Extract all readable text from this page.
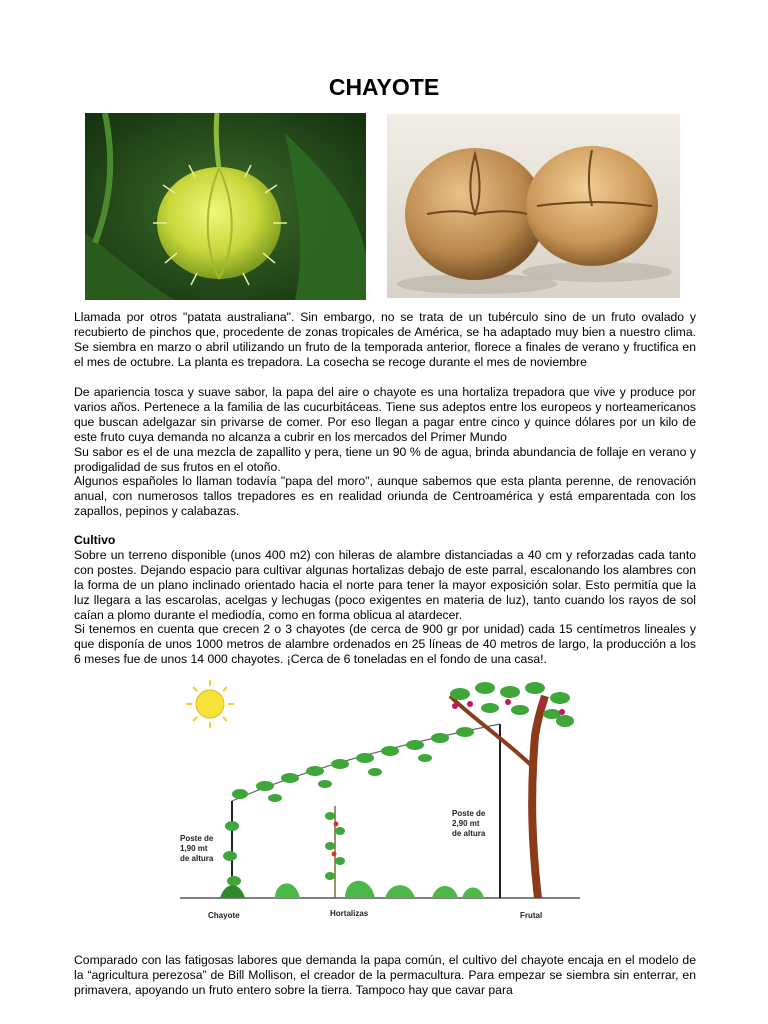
CHAYOTE

Llamada por otros "patata australiana". Sin embargo, no se trata de un tubérculo sino de un fruto ovalado y recubierto de pinchos que, procedente de zonas tropicales de América, se ha adaptado muy bien a nuestro clima. Se siembra en marzo o abril utilizando un fruto de la temporada anterior, florece a finales de verano y fructifica en el mes de octubre. La planta es trepadora. La cosecha se recoge durante el mes de noviembre

De apariencia tosca y suave sabor, la papa del aire o chayote es una hortaliza trepadora que vive y produce por varios años. Pertenece a la familia de las cucurbitáceas. Tiene sus adeptos entre los europeos y norteamericanos que buscan adelgazar sin privarse de comer. Por eso llegan a pagar entre cinco y quince dólares por un kilo de este fruto cuya demanda no alcanza a cubrir en los mercados del Primer Mundo

Su sabor es el de una mezcla de zapallito y pera, tiene un 90 % de agua, brinda abundancia de follaje en verano y prodigalidad de sus frutos en el otoño.

Algunos españoles lo llaman todavía "papa del moro", aunque sabemos que esta planta perenne, de renovación anual, con numerosos tallos trepadores es en realidad oriunda de Centroamérica y está emparentada con los zapallos, pepinos y calabazas.

Cultivo

Sobre un terreno disponible (unos 400 m2) con hileras de alambre distanciadas a 40 cm y reforzadas cada tanto con postes. Dejando espacio para cultivar algunas hortalizas debajo de este parral, escalonando los alambres con la forma de un plano inclinado orientado hacia el norte para tener la mayor exposición solar. Esto permitía que la luz llegara a las escarolas, acelgas y lechugas (poco exigentes en materia de luz), tanto cuando los rayos de sol caían a plomo durante el mediodía, como en forma oblicua al atardecer.

Si tenemos en cuenta que crecen 2 o 3 chayotes (de cerca de 900 gr por unidad) cada 15 centímetros lineales y que disponía de unos 1000 metros de alambre ordenados en 25 líneas de 40 metros de largo, la producción a los 6 meses fue de unos 14 000 chayotes. ¡Cerca de 6 toneladas en el fondo de una casa!.

Poste de
1,90 mt
de altura
Poste de
2,90 mt
de altura
Chayote	Hortalizas	Frutal

Comparado con las fatigosas labores que demanda la papa común, el cultivo del chayote encaja en el modelo de la “agricultura perezosa” de Bill Mollison, el creador de la permacultura. Para empezar se siembra sin enterrar, en primavera, apoyando un fruto entero sobre la tierra. Tampoco hay que cavar para
